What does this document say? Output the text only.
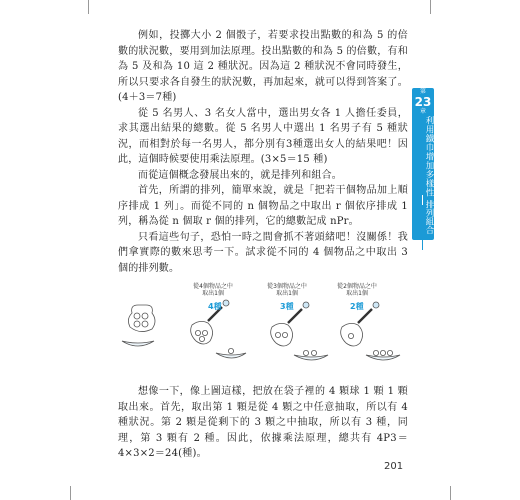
例如，投擲大小 2 個骰子，若要求投出點數的和為 5 的倍數的狀況數，要用到加法原理。投出點數的和為 5 的倍數，有和為 5 及和為 10 這 2 種狀況。因為這 2 種狀況不會同時發生，所以只要求各自發生的狀況數，再加起來，就可以得到答案了。(4＋3＝7種)

從 5 名男人、3 名女人當中，選出男女各 1 人擔任委員，求其選出結果的總數。從 5 名男人中選出 1 名男子有 5 種狀況，而相對於每一名男人，都分別有3種選出女人的結果吧！因此，這個時候要使用乘法原理。(3×5＝15 種)

而從這個概念發展出來的，就是排列和組合。

首先，所謂的排列，簡單來說，就是「把若干個物品加上順序排成 1 列」。而從不同的 n 個物品之中取出 r 個依序排成 1 列，稱為從 n 個取 r 個的排列，它的總數記成 nPr。

只看這些句子，恐怕一時之間會抓不著頭緒吧！沒關係！我們拿實際的數來思考一下。試求從不同的 4 個物品之中取出 3 個的排列數。

第
23
章
利用鐵巾增加多樣性
排列組合
從4個物品之中取出1個
4種
從3個物品之中取出1個
3種
從2個物品之中取出1個
2種

想像一下，像上圖這樣，把放在袋子裡的 4 顆球 1 顆 1 顆取出來。首先，取出第 1 顆是從 4 顆之中任意抽取，所以有 4 種狀況。第 2 顆是從剩下的 3 顆之中抽取，所以有 3 種，同理，第 3 顆有 2 種。因此，依據乘法原理，總共有 4P3＝4×3×2＝24(種)。

201
